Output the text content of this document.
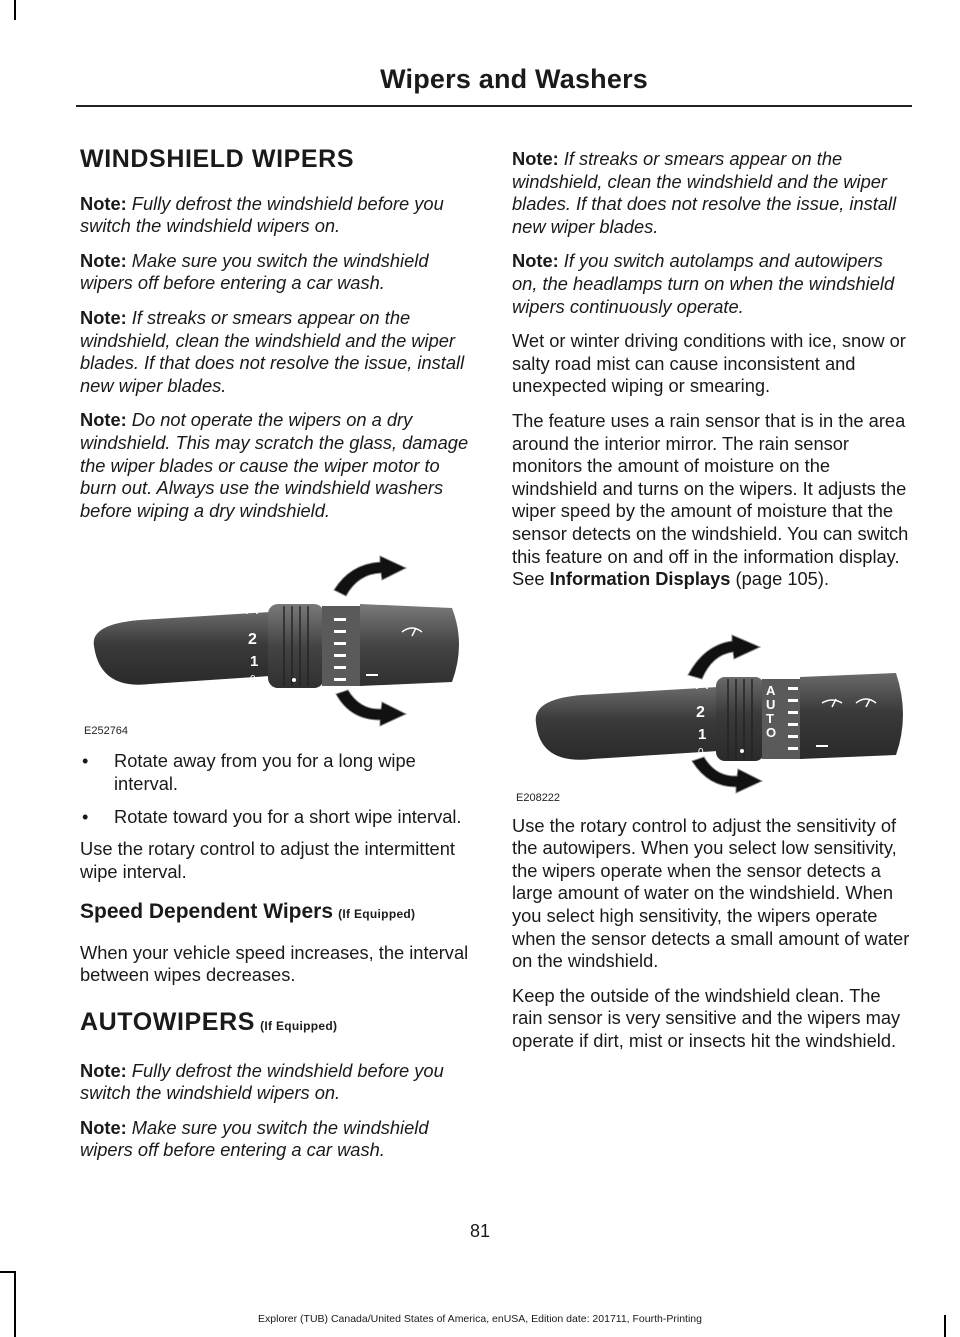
Wipers and Washers

WINDSHIELD WIPERS

Note: Fully defrost the windshield before you switch the windshield wipers on.

Note: Make sure you switch the windshield wipers off before entering a car wash.

Note: If streaks or smears appear on the windshield, clean the windshield and the wiper blades. If that does not resolve the issue, install new wiper blades.

Note: Do not operate the wipers on a dry windshield. This may scratch the glass, damage the wiper blades or cause the wiper motor to burn out. Always use the windshield washers before wiping a dry windshield.

2
1
0
E252764
• Rotate away from you for a long wipe interval.
• Rotate toward you for a short wipe interval.

Use the rotary control to adjust the intermittent wipe interval.

Speed Dependent Wipers (If Equipped)

When your vehicle speed increases, the interval between wipes decreases.

AUTOWIPERS (If Equipped)

Note: Fully defrost the windshield before you switch the windshield wipers on.

Note: Make sure you switch the windshield wipers off before entering a car wash.

Note: If streaks or smears appear on the windshield, clean the windshield and the wiper blades. If that does not resolve the issue, install new wiper blades.

Note: If you switch autolamps and autowipers on, the headlamps turn on when the windshield wipers continuously operate.

Wet or winter driving conditions with ice, snow or salty road mist can cause inconsistent and unexpected wiping or smearing.

The feature uses a rain sensor that is in the area around the interior mirror. The rain sensor monitors the amount of moisture on the windshield and turns on the wipers. It adjusts the wiper speed by the amount of moisture that the sensor detects on the windshield. You can switch this feature on and off in the information display. See Information Displays (page 105).

A
U
T
O
2
1
0
E208222

Use the rotary control to adjust the sensitivity of the autowipers. When you select low sensitivity, the wipers operate when the sensor detects a large amount of water on the windshield. When you select high sensitivity, the wipers operate when the sensor detects a small amount of water on the windshield.

Keep the outside of the windshield clean. The rain sensor is very sensitive and the wipers may operate if dirt, mist or insects hit the windshield.

81
Explorer (TUB) Canada/United States of America, enUSA, Edition date: 201711, Fourth-Printing
